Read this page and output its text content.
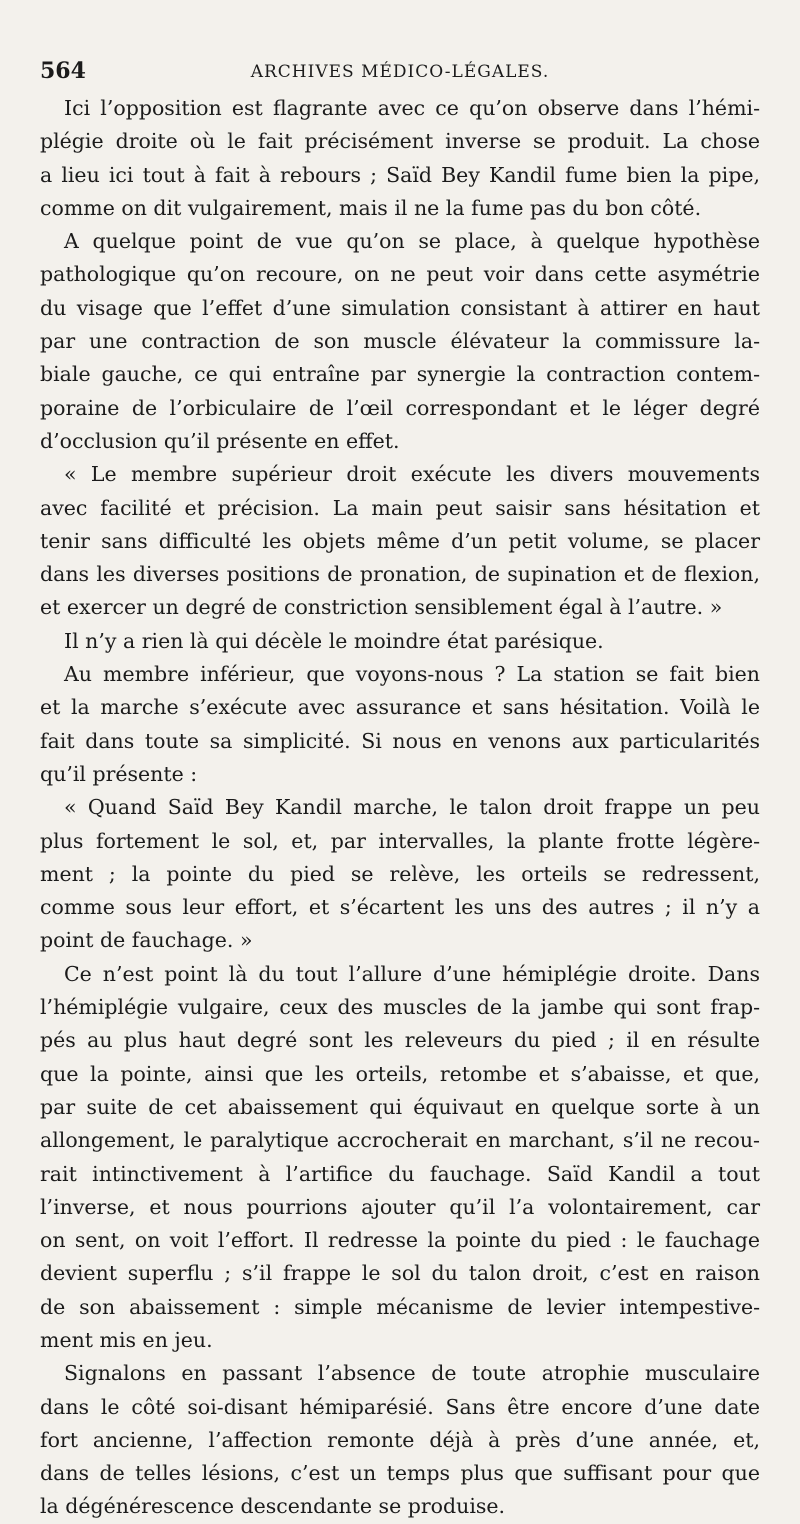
564	ARCHIVES MÉDICO-LÉGALES.
Ici l’opposition est flagrante avec ce qu’on observe dans l’hémi-
plégie droite où le fait précisément inverse se produit. La chose
a lieu ici tout à fait à rebours ; Saïd Bey Kandil fume bien la pipe,
comme on dit vulgairement, mais il ne la fume pas du bon côté.
A quelque point de vue qu’on se place, à quelque hypothèse
pathologique qu’on recoure, on ne peut voir dans cette asymétrie
du visage que l’effet d’une simulation consistant à attirer en haut
par une contraction de son muscle élévateur la commissure la-
biale gauche, ce qui entraîne par synergie la contraction contem-
poraine de l’orbiculaire de l’œil correspondant et le léger degré
d’occlusion qu’il présente en effet.
« Le membre supérieur droit exécute les divers mouvements
avec facilité et précision. La main peut saisir sans hésitation et
tenir sans difficulté les objets même d’un petit volume, se placer
dans les diverses positions de pronation, de supination et de flexion,
et exercer un degré de constriction sensiblement égal à l’autre. »
Il n’y a rien là qui décèle le moindre état parésique.
Au membre inférieur, que voyons-nous ? La station se fait bien
et la marche s’exécute avec assurance et sans hésitation. Voilà le
fait dans toute sa simplicité. Si nous en venons aux particularités
qu’il présente :
« Quand Saïd Bey Kandil marche, le talon droit frappe un peu
plus fortement le sol, et, par intervalles, la plante frotte légère-
ment ; la pointe du pied se relève, les orteils se redressent,
comme sous leur effort, et s’écartent les uns des autres ; il n’y a
point de fauchage. »
Ce n’est point là du tout l’allure d’une hémiplégie droite. Dans
l’hémiplégie vulgaire, ceux des muscles de la jambe qui sont frap-
pés au plus haut degré sont les releveurs du pied ; il en résulte
que la pointe, ainsi que les orteils, retombe et s’abaisse, et que,
par suite de cet abaissement qui équivaut en quelque sorte à un
allongement, le paralytique accrocherait en marchant, s’il ne recou-
rait intinctivement à l’artifice du fauchage. Saïd Kandil a tout
l’inverse, et nous pourrions ajouter qu’il l’a volontairement, car
on sent, on voit l’effort. Il redresse la pointe du pied : le fauchage
devient superflu ; s’il frappe le sol du talon droit, c’est en raison
de son abaissement : simple mécanisme de levier intempestive-
ment mis en jeu.
Signalons en passant l’absence de toute atrophie musculaire
dans le côté soi-disant hémiparésié. Sans être encore d’une date
fort ancienne, l’affection remonte déjà à près d’une année, et,
dans de telles lésions, c’est un temps plus que suffisant pour que
la dégénérescence descendante se produise.
